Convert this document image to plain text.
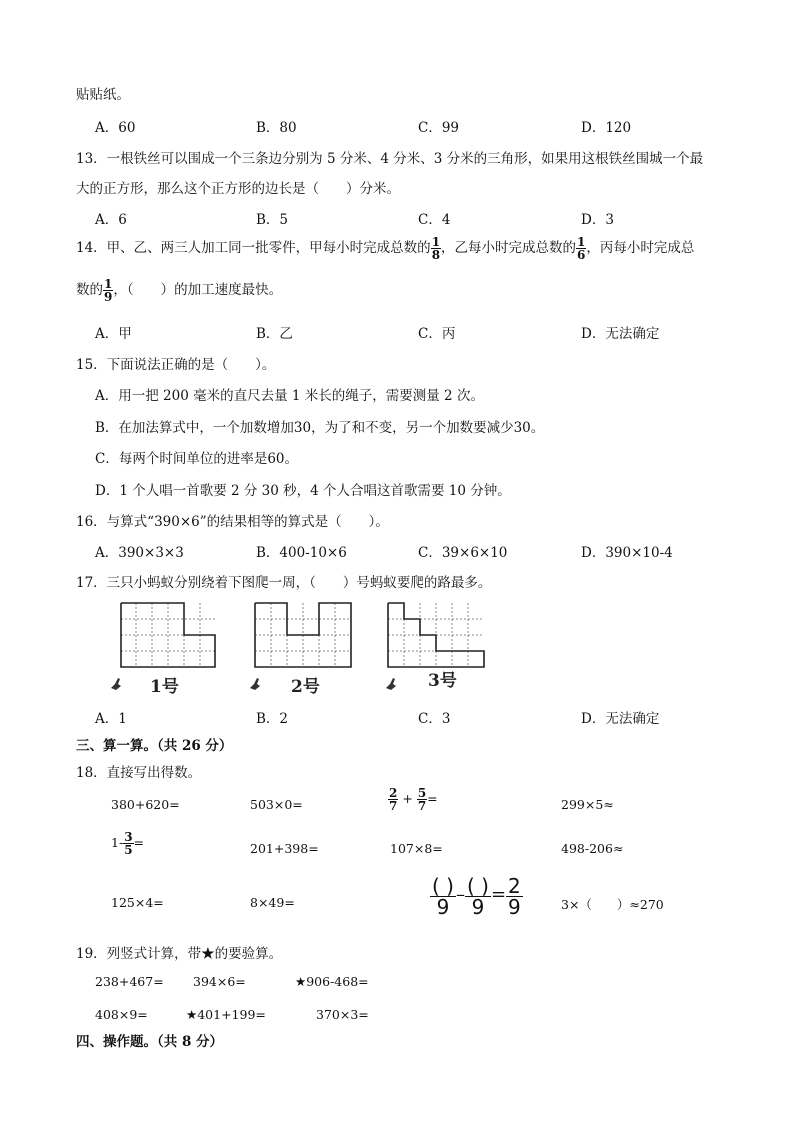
贴贴纸。
A．60	B．80	C．99	D．120
13．一根铁丝可以围成一个三条边分别为 5 分米、4 分米、3 分米的三角形，如果用这根铁丝围城一个最
大的正方形，那么这个正方形的边长是（　　）分米。
A．6	B．5	C．4	D．3
14．甲、乙、两三人加工同一批零件，甲每小时完成总数的 $\frac{1}{8}$ ，乙每小时完成总数的 $\frac{1}{6}$ ，丙每小时完成总
数的 $\frac{1}{9}$ ，（　　）的加工速度最快。
A．甲	B．乙	C．丙	D．无法确定
15．下面说法正确的是（　　）。
A．用一把 200 毫米的直尺去量 1 米长的绳子，需要测量 2 次。
B．在加法算式中，一个加数增加30，为了和不变，另一个加数要减少30。
C．每两个时间单位的进率是60。
D．1 个人唱一首歌要 2 分 30 秒，4 个人合唱这首歌需要 10 分钟。
16．与算式“390×6”的结果相等的算式是（　　）。
A．390×3×3	B．400-10×6	C．39×6×10	D．390×10-4
17．三只小蚂蚁分别绕着下图爬一周，（　　）号蚂蚁要爬的路最多。
1号	2号	3号
A．1	B．2	C．3	D．无法确定
三、算一算。（共 26 分）
18．直接写出得数。
380+620=	503×0=	$\frac{2}{7} + \frac{5}{7}$ =	299×5≈
$1- \frac{3}{5}$ =	201+398=	107×8=	498-206≈
125×4=	8×49=	$\frac{( )}{9} - \frac{( )}{9} = \frac{2}{9}$	3×（　　）≈270
19．列竖式计算，带★的要验算。
238+467= 394×6=	★906-468=
408×9=	★401+199=	370×3=
四、操作题。（共 8 分）
